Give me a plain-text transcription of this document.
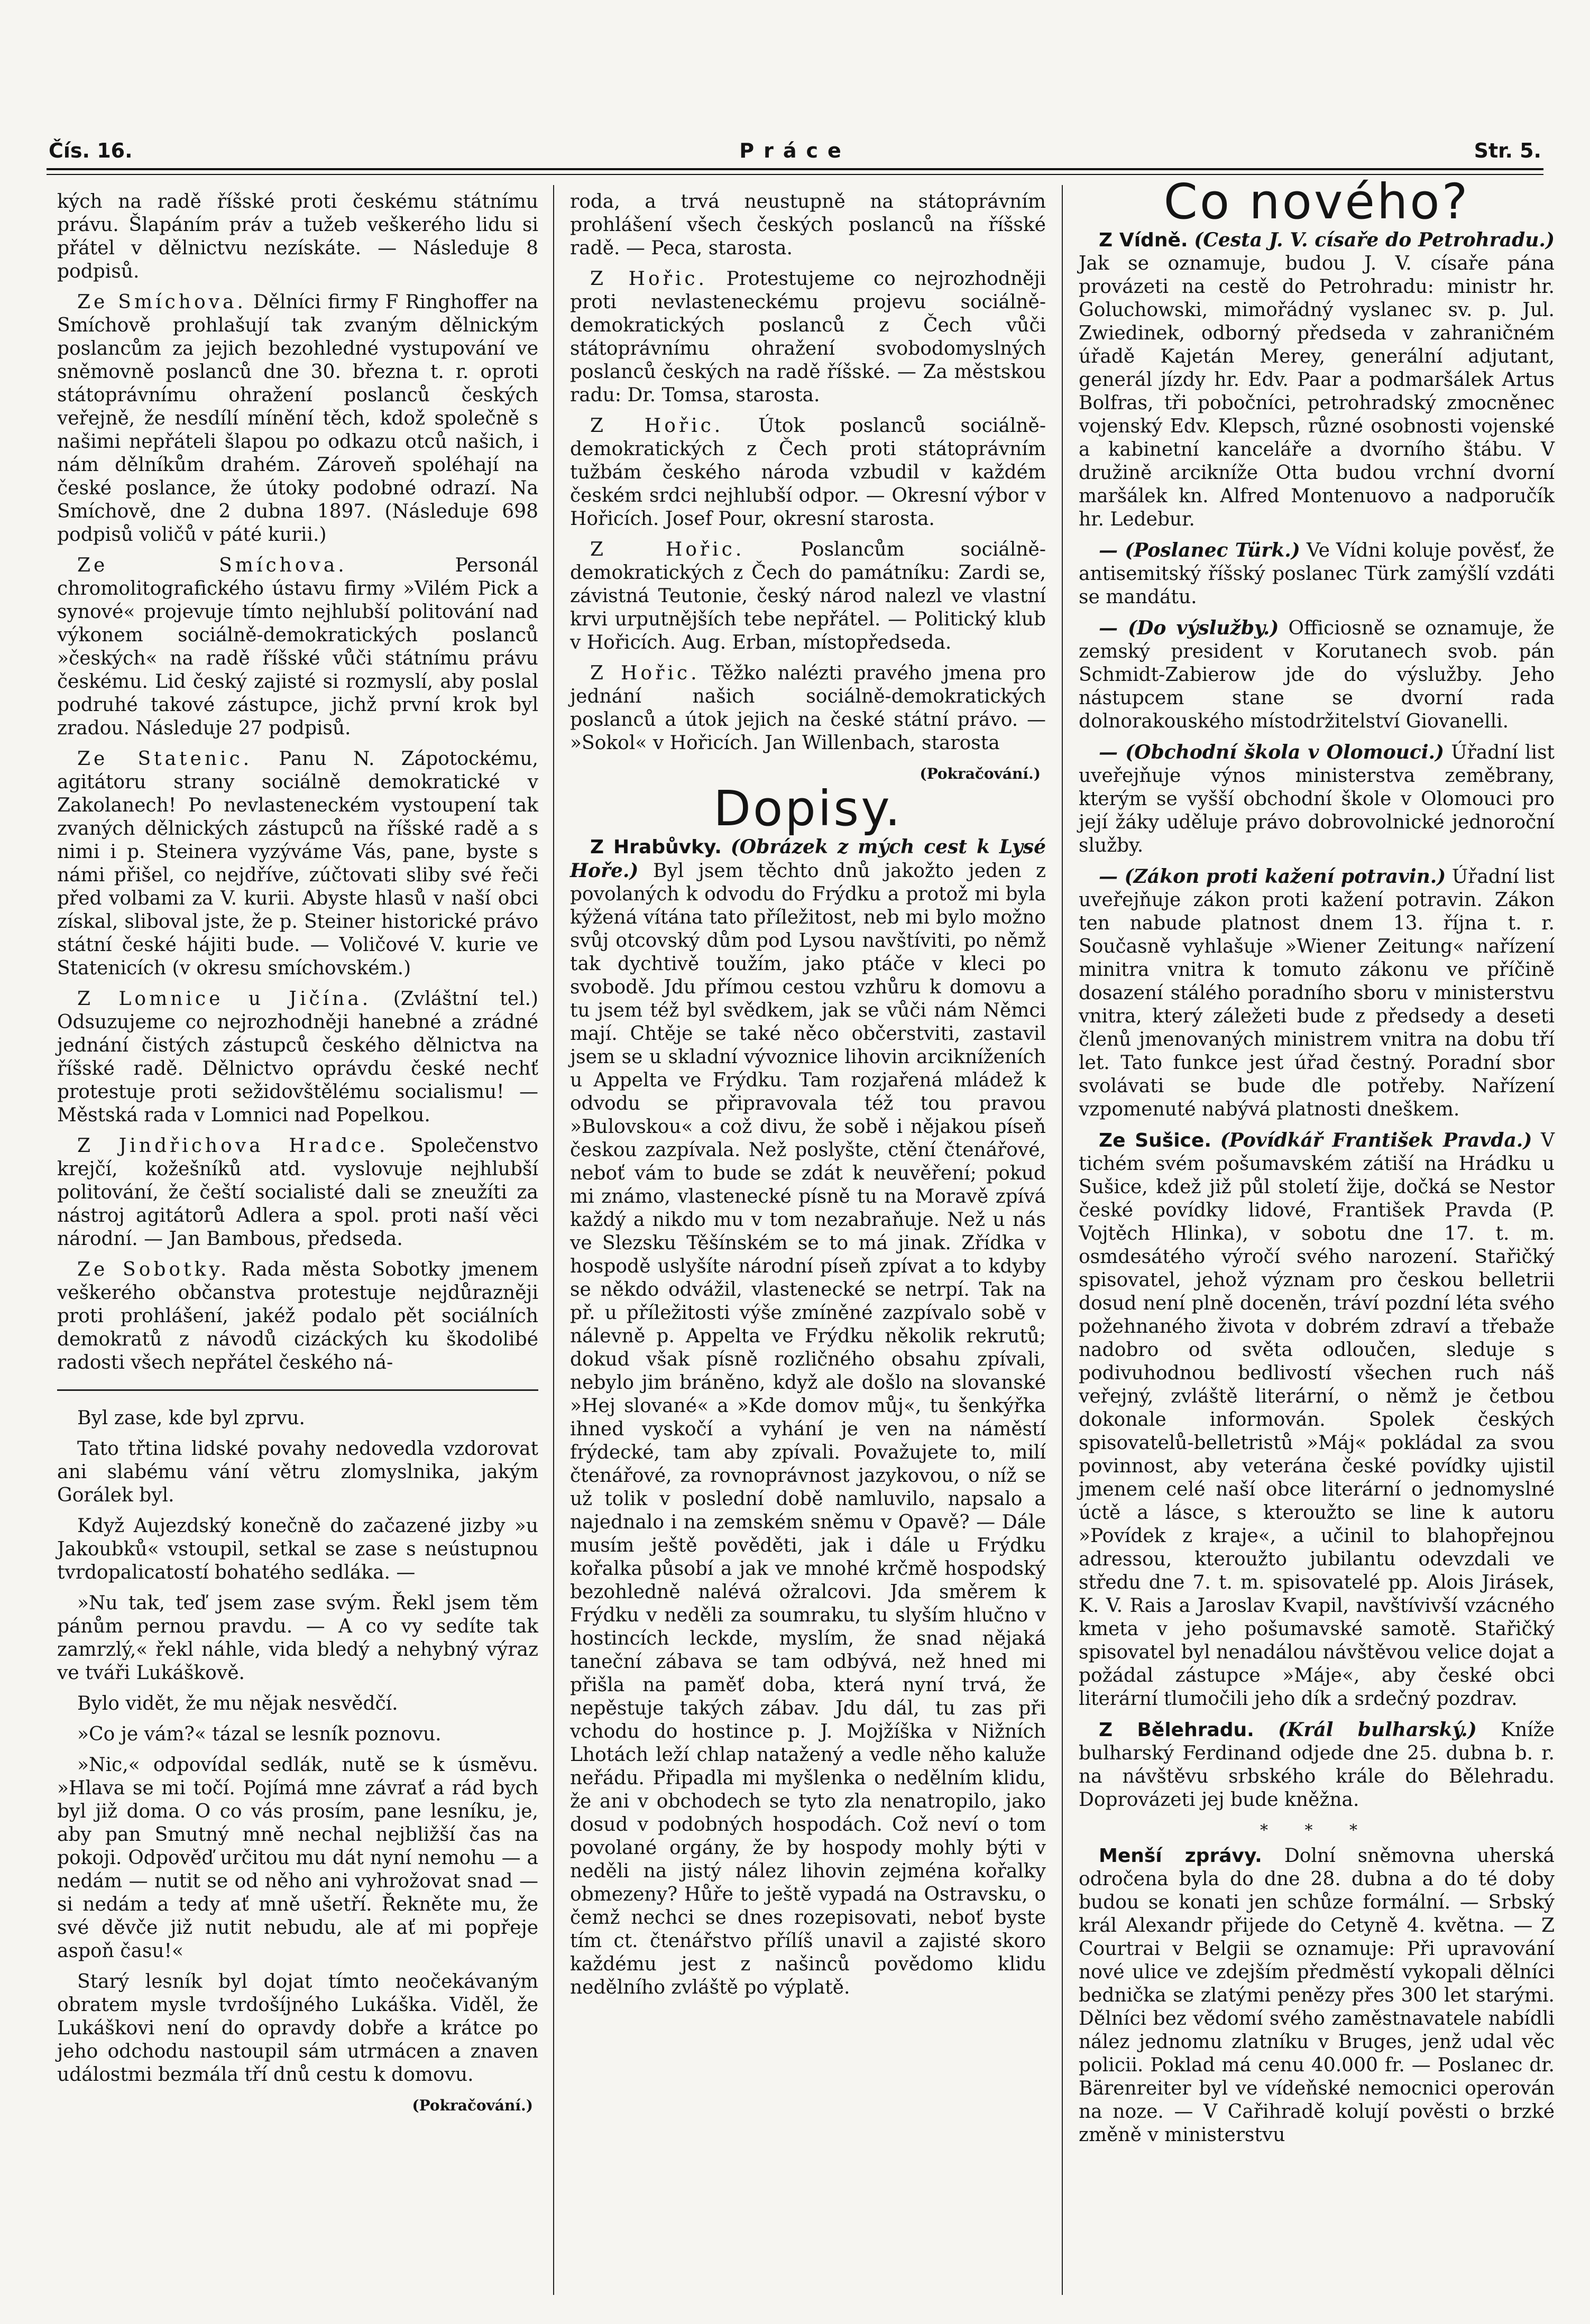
Čís. 16.	Práce	Str. 5.

kých na radě říšské proti českému státnímu právu. Šlapáním práv a tužeb veškerého lidu si přátel v dělnictvu nezískáte. — Následuje 8 podpisů.

Ze Smíchova. Dělníci firmy F Ringhoffer na Smíchově prohlašují tak zvaným dělnickým poslancům za jejich bezohledné vystupování ve sněmovně poslanců dne 30. března t. r. oproti státoprávnímu ohražení poslanců českých veřejně, že nesdílí mínění těch, kdož společně s našimi nepřáteli šlapou po odkazu otců našich, i nám dělníkům drahém. Zároveň spoléhají na české poslance, že útoky podobné odrazí. Na Smíchově, dne 2 dubna 1897. (Následuje 698 podpisů voličů v páté kurii.)

Ze Smíchova.	Personál chromolitografického ústavu firmy »Vilém Pick a synové« projevuje tímto nejhlubší politování nad výkonem sociálně-demokratických poslanců »českých« na radě říšské vůči státnímu právu českému. Lid český zajisté si rozmyslí, aby poslal podruhé takové zástupce, jichž první krok byl zradou. Následuje 27 podpisů.

Ze Statenic. Panu N. Zápotockému, agitátoru strany sociálně demokratické v Zakolanech! Po nevlasteneckém vystoupení tak zvaných dělnických zástupců na říšské radě a s nimi i p. Steinera vyzýváme Vás, pane, byste s námi přišel, co nejdříve, zúčtovati sliby své řeči před volbami za V. kurii. Abyste hlasů v naší obci získal, sliboval jste, že p. Steiner historické právo státní české hájiti bude. — Voličové V. kurie ve Statenicích (v okresu smíchovském.)

Z Lomnice u Jičína. (Zvláštní tel.) Odsuzujeme co nejrozhodněji hanebné a zrádné jednání čistých zástupců českého dělnictva na říšské radě. Dělnictvo oprávdu české nechť protestuje proti sežidovštělému socialismu! — Městská rada v Lomnici nad Popelkou.

Z Jindřichova Hradce. Společenstvo krejčí, kožešníků atd. vyslovuje nejhlubší politování, že čeští socialisté dali se zneužíti za nástroj agitátorů Adlera a spol. proti naší věci národní. — Jan Bambous, předseda.

Ze Sobotky. Rada města Sobotky jmenem veškerého občanstva protestuje nejdůrazněji proti prohlášení, jakéž podalo pět sociálních demokratů z návodů cizáckých ku škodolibé radosti všech nepřátel českého ná-

Byl zase, kde byl zprvu.

Tato třtina lidské povahy nedovedla vzdorovat ani slabému vání větru zlomyslnika, jakým Gorálek byl.

Když Aujezdský konečně do začazené jizby »u Jakoubků« vstoupil, setkal se zase s neústupnou tvrdopalicatostí bohatého sedláka. —

»Nu tak, teď jsem zase svým. Řekl jsem těm pánům pernou pravdu. — A co vy sedíte tak zamrzlý,« řekl náhle, vida bledý a nehybný výraz ve tváři Lukáškově.

Bylo vidět, že mu nějak nesvědčí.

»Co je vám?« tázal se lesník poznovu.

»Nic,« odpovídal sedlák, nutě se k úsměvu. »Hlava se mi točí. Pojímá mne závrať a rád bych byl již doma. O co vás prosím, pane lesníku, je, aby pan Smutný mně nechal nejbližší čas na pokoji. Odpověď určitou mu dát nyní nemohu — a nedám — nutit se od něho ani vyhrožovat snad — si nedám a tedy ať mně ušetří. Řekněte mu, že své děvče již nutit nebudu, ale ať mi popřeje aspoň času!«

Starý lesník byl dojat tímto neočekávaným obratem mysle tvrdošíjného Lukáška. Viděl, že Lukáškovi není do opravdy dobře a krátce po jeho odchodu nastoupil sám utrmácen a znaven událostmi bezmála tří dnů cestu k domovu.

(Pokračování.)

roda, a trvá neustupně na státoprávním prohlášení všech českých poslanců na říšské radě. — Peca, starosta.

Z Hořic. Protestujeme co nejrozhodněji proti nevlasteneckému projevu sociálně-demokratických poslanců z Čech vůči státoprávnímu ohražení svobodomyslných poslanců českých na radě říšské. — Za městskou radu: Dr. Tomsa, starosta.

Z Hořic. Útok poslanců sociálně-demokratických z Čech proti státoprávním tužbám českého národa vzbudil v každém českém srdci nejhlubší odpor. — Okresní výbor v Hořicích. Josef Pour, okresní starosta.

Z Hořic.	Poslancům sociálně-demokratických z Čech do památníku: Zardi se, závistná Teutonie, český národ nalezl ve vlastní krvi urputnějších tebe nepřátel. — Politický klub v Hořicích. Aug. Erban, místopředseda.

Z Hořic. Těžko nalézti pravého jmena pro jednání našich sociálně-demokratických poslanců a útok jejich na české státní právo. — »Sokol« v Hořicích. Jan Willenbach, starosta

(Pokračování.)
Dopisy.

Z Hrabůvky. (Obrázek z mých cest k Lysé Hoře.) Byl jsem těchto dnů jakožto jeden z povolaných k odvodu do Frýdku a protož mi byla kýžená vítána tato příležitost, neb mi bylo možno svůj otcovský dům pod Lysou navštíviti, po němž tak dychtivě toužím, jako ptáče v kleci po svobodě. Jdu přímou cestou vzhůru k domovu a tu jsem též byl svědkem, jak se vůči nám Němci mají. Chtěje se také něco občerstviti, zastavil jsem se u skladní vývoznice lihovin arcikníženích u Appelta ve Frýdku. Tam rozjařená mládež k odvodu se připravovala též tou pravou »Bulovskou« a což divu, že sobě i nějakou píseň českou zazpívala. Než poslyšte, ctění čtenářové, neboť vám to bude se zdát k neuvěření; pokud mi známo, vlastenecké písně tu na Moravě zpívá každý a nikdo mu v tom nezabraňuje. Než u nás ve Slezsku Těšínském se to má jinak. Zřídka v hospodě uslyšíte národní píseň zpívat a to kdyby se někdo odvážil, vlastenecké se netrpí. Tak na př. u příležitosti výše zmíněné zazpívalo sobě v nálevně p. Appelta ve Frýdku několik rekrutů; dokud však písně rozličného obsahu zpívali, nebylo jim bráněno, když ale došlo na slovanské »Hej slované« a »Kde domov můj«, tu šenkýřka ihned vyskočí a vyhání je ven na náměstí frýdecké, tam aby zpívali. Považujete to, milí čtenářové, za rovnoprávnost jazykovou, o níž se už tolik v poslední době namluvilo, napsalo a najednalo i na zemském sněmu v Opavě? — Dále musím ještě pověděti, jak i dále u Frýdku kořalka působí a jak ve mnohé krčmě hospodský bezohledně nalévá ožralcovi. Jda směrem k Frýdku v neděli za soumraku, tu slyším hlučno v hostincích leckde, myslím, že snad nějaká taneční zábava se tam odbývá, než hned mi přišla na paměť doba, která nyní trvá, že nepěstuje takých zábav. Jdu dál, tu zas při vchodu do hostince p. J. Mojžíška v Nižních Lhotách leží chlap natažený a vedle něho kaluže neřádu. Připadla mi myšlenka o nedělním klidu, že ani v obchodech se tyto zla nenatropilo, jako dosud v podobných hospodách. Což neví o tom povolané orgány, že by hospody mohly býti v neděli na jistý nález lihovin zejména kořalky obmezeny? Hůře to ještě vypadá na Ostravsku, o čemž nechci se dnes rozepisovati, neboť byste tím ct. čtenářstvo přílíš unavil a zajisté skoro každému jest z našinců povědomo klidu nedělního zvláště po výplatě.

Co nového?

Z Vídně. (Cesta J. V. císaře do Petrohradu.) Jak se oznamuje, budou J. V. císaře pána provázeti na cestě do Petrohradu: ministr hr. Goluchowski, mimořádný vyslanec sv. p. Jul. Zwiedinek, odborný předseda v zahraničném úřadě Kajetán Merey, generální adjutant, generál jízdy hr. Edv. Paar a podmaršálek Artus Bolfras, tři pobočníci, petrohradský zmocněnec vojenský Edv. Klepsch, různé osobnosti vojenské a kabinetní kanceláře a dvorního štábu. V družině arcikníže Otta budou vrchní dvorní maršálek kn. Alfred Montenuovo a nadporučík hr. Ledebur.

— (Poslanec Türk.) Ve Vídni koluje pověsť, že antisemitský říšský poslanec Türk zamýšlí vzdáti se mandátu.

— (Do výslužby.) Officiosně se oznamuje, že zemský president v Korutanech svob. pán Schmidt-Zabierow jde do výslužby. Jeho nástupcem stane se dvorní rada dolnorakouského místodržitelství Giovanelli.

— (Obchodní škola v Olomouci.) Úřadní list uveřejňuje výnos ministerstva zeměbrany, kterým se vyšší obchodní škole v Olomouci pro její žáky uděluje právo dobrovolnické jednoroční služby.

— (Zákon proti kažení potravin.) Úřadní list uveřejňuje zákon proti kažení potravin. Zákon ten nabude platnost dnem 13. října t. r. Současně vyhlašuje »Wiener Zeitung« nařízení minitra vnitra k tomuto zákonu ve příčině dosazení stálého poradního sboru v ministerstvu vnitra, který záležeti bude z předsedy a deseti členů jmenovaných ministrem vnitra na dobu tří let. Tato funkce jest úřad čestný. Poradní sbor svolávati se bude dle potřeby. Nařízení vzpomenuté nabývá platnosti dneškem.

Ze Sušice. (Povídkář František Pravda.) V tichém svém pošumavském zátiší na Hrádku u Sušice, kdež již půl století žije, dočká se Nestor české povídky lidové, František Pravda (P. Vojtěch Hlinka), v sobotu dne 17. t. m. osmdesátého výročí svého narození. Stařičký spisovatel, jehož význam pro českou belletrii dosud není plně doceněn, tráví pozdní léta svého požehnaného života v dobrém zdraví a třebaže nadobro od světa odloučen, sleduje s podivuhodnou bedlivostí všechen ruch náš veřejný, zvláště literární, o němž je četbou dokonale informován. Spolek českých spisovatelů-belletristů »Máj« pokládal za svou povinnost, aby veterána české povídky ujistil jmenem celé naší obce literární o jednomyslné úctě a lásce, s kteroužto se line k autoru »Povídek z kraje«, a učinil to blahopřejnou adressou, kteroužto jubilantu odevzdali ve středu dne 7. t. m. spisovatelé pp. Alois Jirásek, K. V. Rais a Jaroslav Kvapil, navštívivší vzácného kmeta v jeho pošumavské samotě. Stařičký spisovatel byl nenadálou návštěvou velice dojat a požádal zástupce »Máje«, aby české obci literární tlumočili jeho dík a srdečný pozdrav.

Z Bělehradu. (Král bulharský.) Kníže bulharský Ferdinand odjede dne 25. dubna b. r. na návštěvu srbského krále do Bělehradu. Doprovázeti jej bude kněžna.

* * *

Menší zprávy. Dolní sněmovna uherská odročena byla do dne 28. dubna a do té doby budou se konati jen schůze formální. — Srbský král Alexandr přijede do Cetyně 4. května. — Z Courtrai v Belgii se oznamuje: Při upravování nové ulice ve zdejším předměstí vykopali dělníci bednička se zlatými penězy přes 300 let starými. Dělníci bez vědomí svého zaměstnavatele nabídli nález jednomu zlatníku v Bruges, jenž udal věc policii. Poklad má cenu 40.000 fr. — Poslanec dr. Bärenreiter byl ve vídeňské nemocnici operován na noze. — V Cařihradě kolují pověsti o brzké změně v ministerstvu
